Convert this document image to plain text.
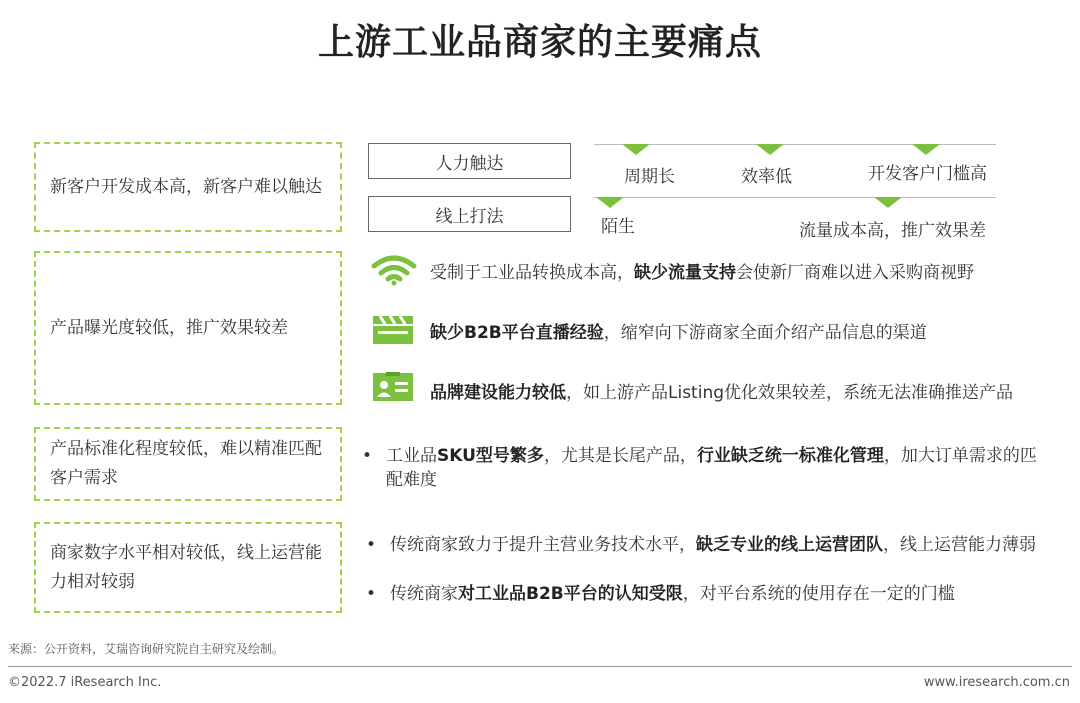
上游工业品商家的主要痛点
新客户开发成本高，新客户难以触达
产品曝光度较低，推广效果较差
产品标准化程度较低，难以精准匹配客户需求
商家数字水平相对较低，线上运营能力相对较弱
人力触达
线上打法
周期长	效率低	开发客户门槛高
陌生	流量成本高，推广效果差
受制于工业品转换成本高，缺少流量支持会使新厂商难以进入采购商视野
缺少B2B平台直播经验，缩窄向下游商家全面介绍产品信息的渠道
品牌建设能力较低，如上游产品Listing优化效果较差，系统无法准确推送产品
• 工业品SKU型号繁多，尤其是长尾产品，行业缺乏统一标准化管理，加大订单需求的匹配难度
• 传统商家致力于提升主营业务技术水平，缺乏专业的线上运营团队，线上运营能力薄弱
• 传统商家对工业品B2B平台的认知受限，对平台系统的使用存在一定的门槛
来源：公开资料，艾瑞咨询研究院自主研究及绘制。
©2022.7 iResearch Inc.	www.iresearch.com.cn
